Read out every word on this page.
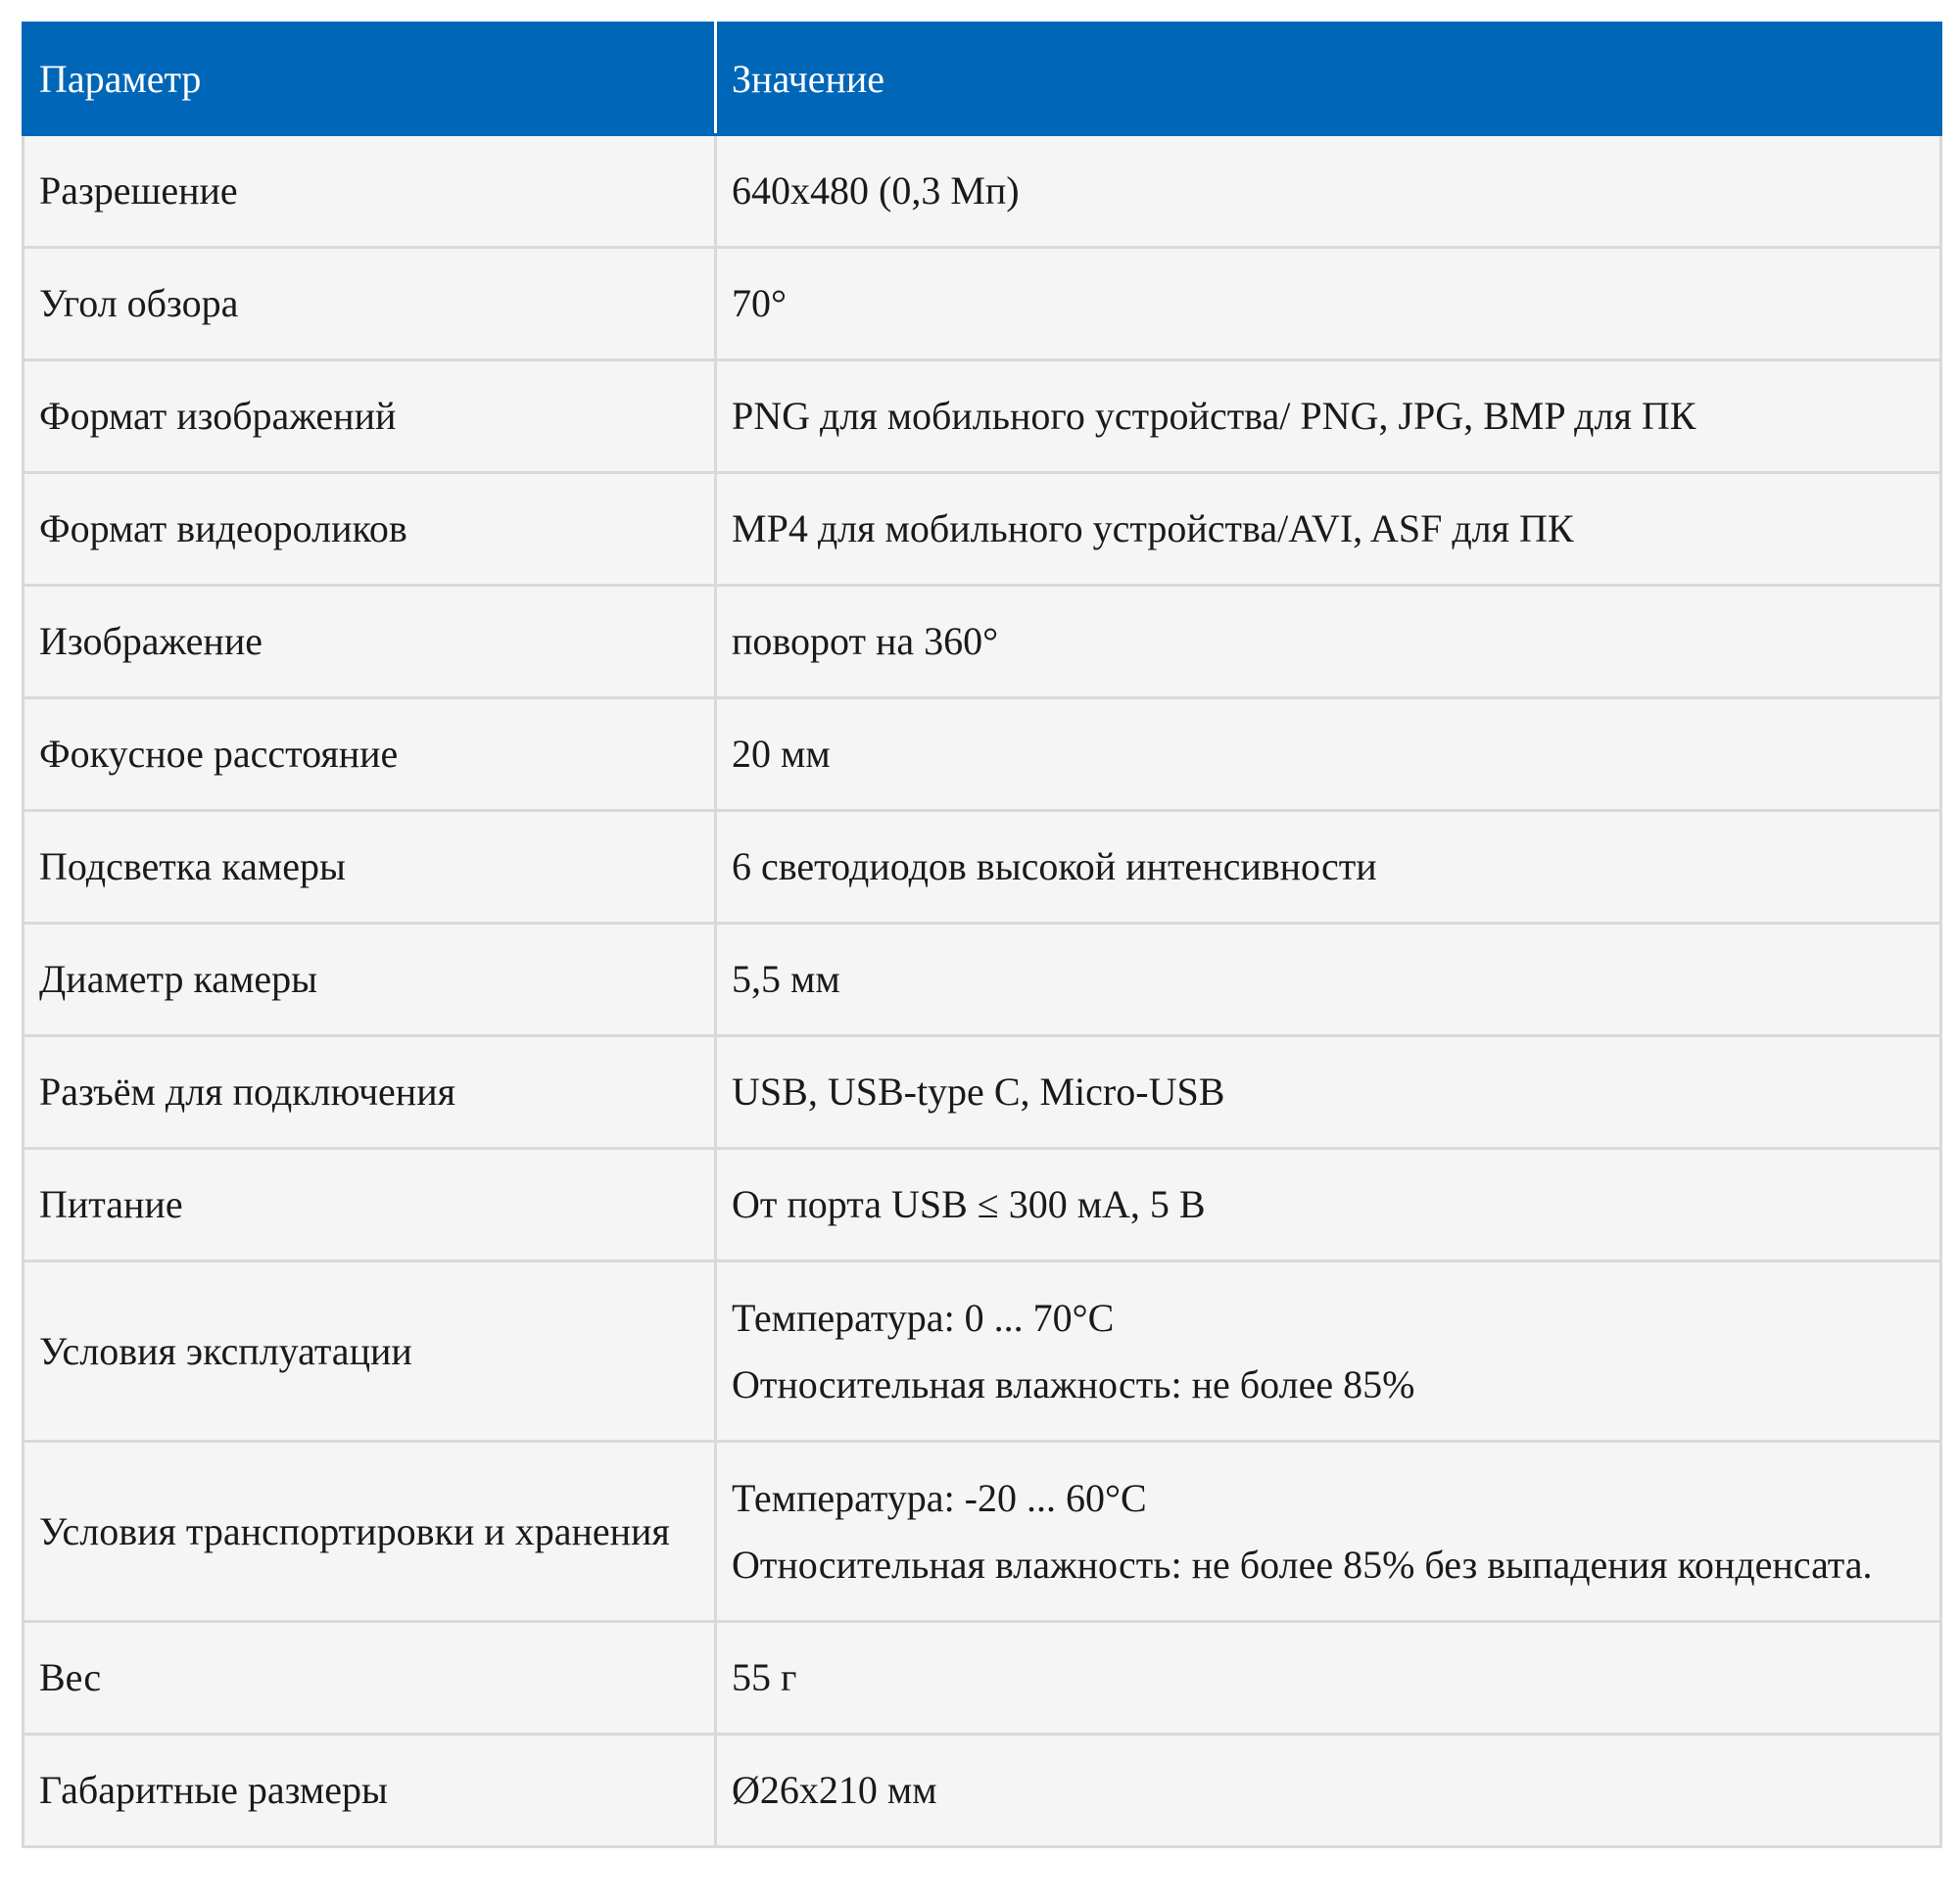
Параметр	Значение
Разрешение	640х480 (0,3 Мп)

Угол обзора	70°

Формат изображений	PNG для мобильного устройства/ PNG, JPG, BMP для ПК

Формат видеороликов	MP4 для мобильного устройства/AVI, ASF для ПК

Изображение	поворот на 360°

Фокусное расстояние	20 мм

Подсветка камеры	6 светодиодов высокой интенсивности

Диаметр камеры	5,5 мм

Разъём для подключения	USB, USB-type C, Micro-USB

Питание	От порта USB ≤ 300 мА, 5 В

Условия эксплуатации	Температура: 0 ... 70°C
Относительная влажность: не более 85%

Условия транспортировки и хранения	Температура: -20 ... 60°C
Относительная влажность: не более 85% без выпадения конденсата.

Вес	55 г

Габаритные размеры	Ø26х210 мм
